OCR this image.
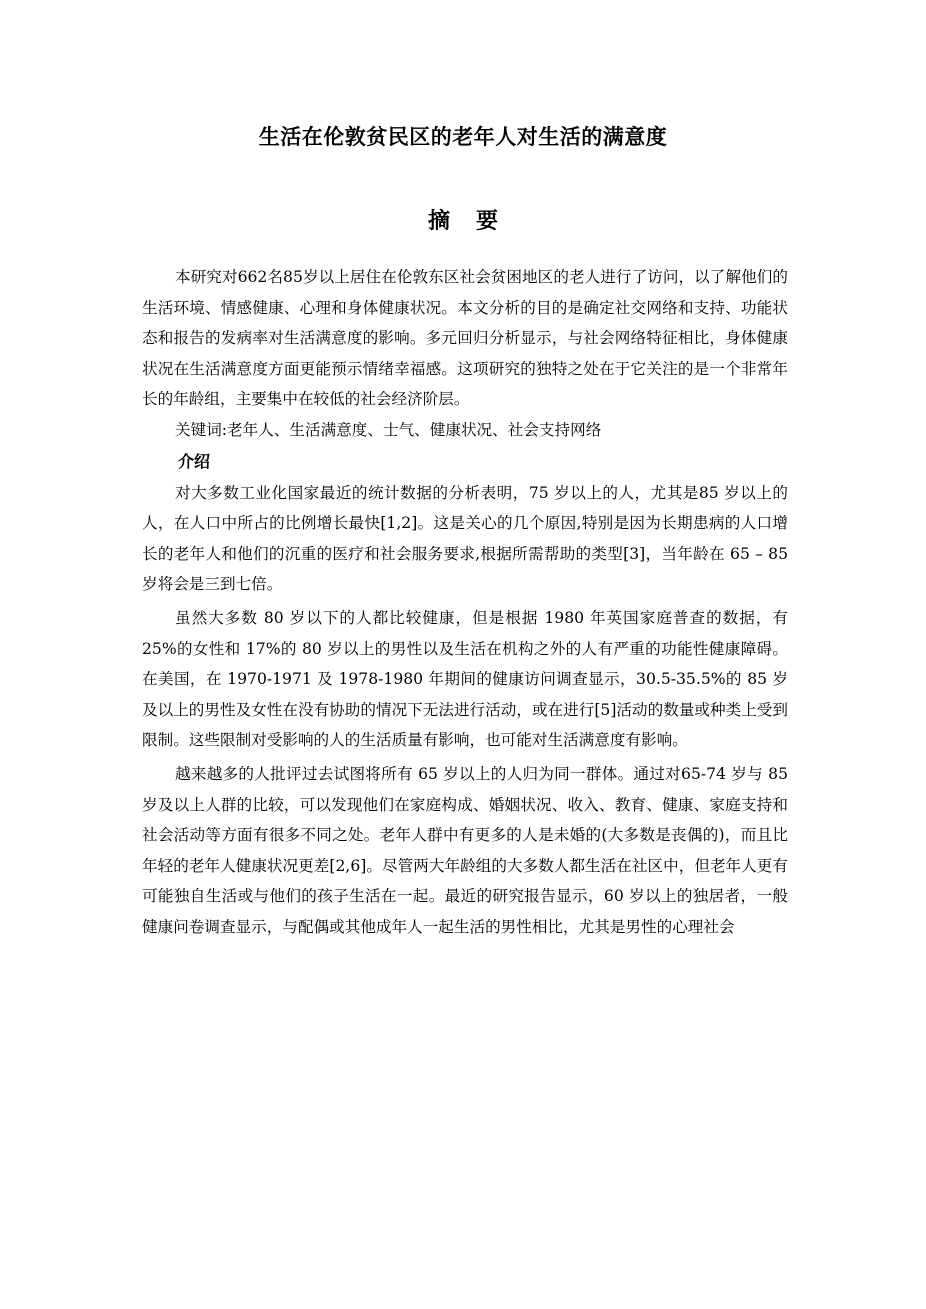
生活在伦敦贫民区的老年人对生活的满意度
摘 要

本研究对662名85岁以上居住在伦敦东区社会贫困地区的老人进行了访问，以了解他们的生活环境、情感健康、心理和身体健康状况。本文分析的目的是确定社交网络和支持、功能状态和报告的发病率对生活满意度的影响。多元回归分析显示，与社会网络特征相比，身体健康状况在生活满意度方面更能预示情绪幸福感。这项研究的独特之处在于它关注的是一个非常年长的年龄组，主要集中在较低的社会经济阶层。

关键词:老年人、生活满意度、士气、健康状况、社会支持网络

介绍

对大多数工业化国家最近的统计数据的分析表明，75 岁以上的人，尤其是85 岁以上的人，在人口中所占的比例增长最快[1,2]。这是关心的几个原因,特别是因为长期患病的人口增长的老年人和他们的沉重的医疗和社会服务要求,根据所需帮助的类型[3]，当年龄在 65 – 85 岁将会是三到七倍。

虽然大多数 80 岁以下的人都比较健康，但是根据 1980 年英国家庭普查的数据，有 25%的女性和 17%的 80 岁以上的男性以及生活在机构之外的人有严重的功能性健康障碍。在美国，在 1970-1971 及 1978-1980 年期间的健康访问调查显示，30.5-35.5%的 85 岁及以上的男性及女性在没有协助的情况下无法进行活动，或在进行[5]活动的数量或种类上受到限制。这些限制对受影响的人的生活质量有影响，也可能对生活满意度有影响。

越来越多的人批评过去试图将所有 65 岁以上的人归为同一群体。通过对65-74 岁与 85 岁及以上人群的比较，可以发现他们在家庭构成、婚姻状况、收入、教育、健康、家庭支持和社会活动等方面有很多不同之处。老年人群中有更多的人是未婚的(大多数是丧偶的)，而且比年轻的老年人健康状况更差[2,6]。尽管两大年龄组的大多数人都生活在社区中，但老年人更有可能独自生活或与他们的孩子生活在一起。最近的研究报告显示，60 岁以上的独居者，一般健康问卷调查显示，与配偶或其他成年人一起生活的男性相比，尤其是男性的心理社会
